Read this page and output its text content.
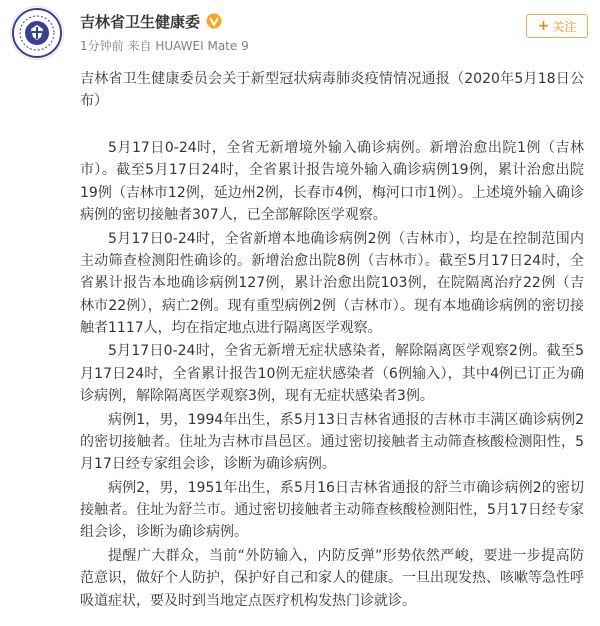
吉林省卫生健康委
1分钟前 来自 HUAWEI Mate 9
+ 关注

吉林省卫生健康委员会关于新型冠状病毒肺炎疫情情况通报（2020年5月18日公布）

5月17日0-24时，全省无新增境外输入确诊病例。新增治愈出院1例（吉林市）。截至5月17日24时，全省累计报告境外输入确诊病例19例，累计治愈出院19例（吉林市12例，延边州2例，长春市4例，梅河口市1例）。上述境外输入确诊病例的密切接触者307人，已全部解除医学观察。

5月17日0-24时，全省新增本地确诊病例2例（吉林市），均是在控制范围内主动筛查检测阳性确诊的。新增治愈出院8例（吉林市）。截至5月17日24时，全省累计报告本地确诊病例127例，累计治愈出院103例，在院隔离治疗22例（吉林市22例），病亡2例。现有重型病例2例（吉林市）。现有本地确诊病例的密切接触者1117人，均在指定地点进行隔离医学观察。

5月17日0-24时，全省无新增无症状感染者，解除隔离医学观察2例。截至5月17日24时，全省累计报告10例无症状感染者（6例输入），其中4例已订正为确诊病例，解除隔离医学观察3例，现有无症状感染者3例。

病例1，男，1994年出生，系5月13日吉林省通报的吉林市丰满区确诊病例2的密切接触者。住址为吉林市昌邑区。通过密切接触者主动筛查核酸检测阳性，5月17日经专家组会诊，诊断为确诊病例。

病例2，男，1951年出生，系5月16日吉林省通报的舒兰市确诊病例2的密切接触者。住址为舒兰市。通过密切接触者主动筛查核酸检测阳性，5月17日经专家组会诊，诊断为确诊病例。

提醒广大群众，当前“外防输入，内防反弹”形势依然严峻，要进一步提高防范意识，做好个人防护，保护好自己和家人的健康。一旦出现发热、咳嗽等急性呼吸道症状，要及时到当地定点医疗机构发热门诊就诊。
